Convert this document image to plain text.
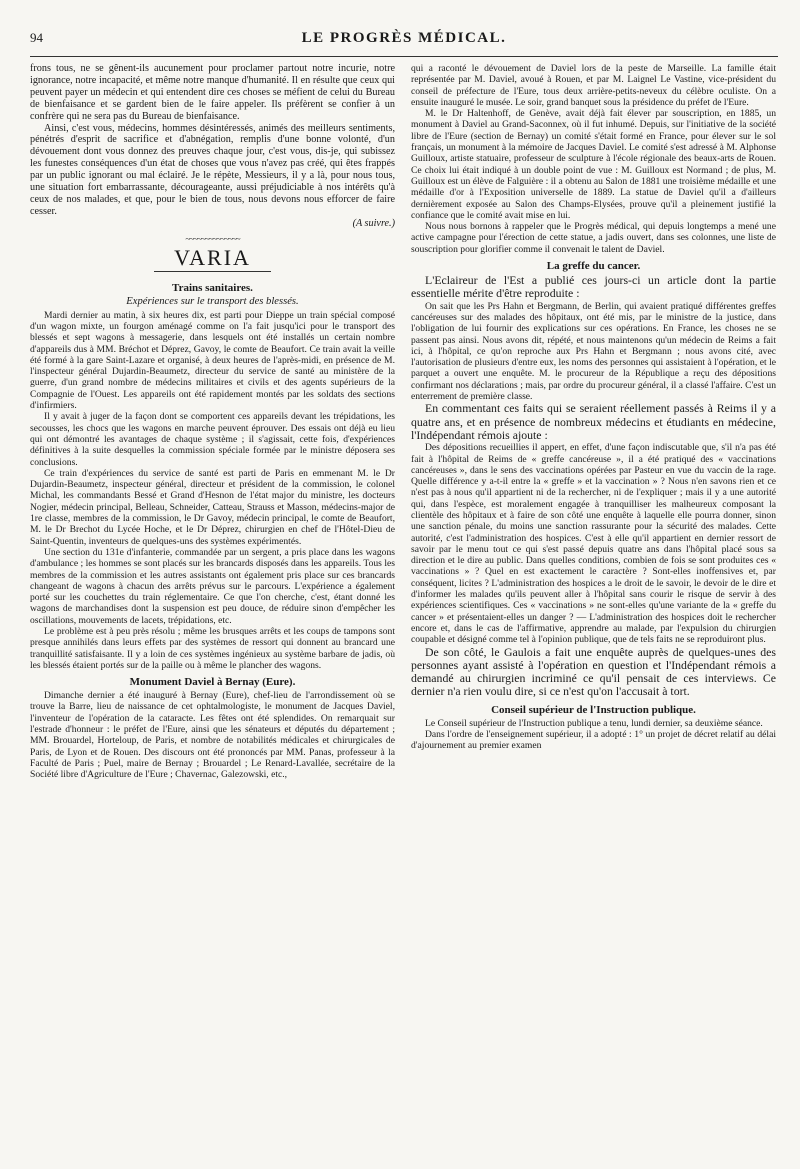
94	LE PROGRÈS MÉDICAL.

frons tous, ne se gênent-ils aucunement pour proclamer partout notre incurie, notre ignorance, notre incapacité, et même notre manque d'humanité. Il en résulte que ceux qui peuvent payer un médecin et qui entendent dire ces choses se méfient de celui du Bureau de bienfaisance et se gardent bien de le faire appeler. Ils préfèrent se confier à un confrère qui ne sera pas du Bureau de bienfaisance.

Ainsi, c'est vous, médecins, hommes désintéressés, animés des meilleurs sentiments, pénétrés d'esprit de sacrifice et d'abnégation, remplis d'une bonne volonté, d'un dévouement dont vous donnez des preuves chaque jour, c'est vous, dis-je, qui subissez les funestes conséquences d'un état de choses que vous n'avez pas créé, qui êtes frappés par un public ignorant ou mal éclairé. Je le répète, Messieurs, il y a là, pour nous tous, une situation fort embarrassante, décourageante, aussi préjudiciable à nos intérêts qu'à ceux de nos malades, et que, pour le bien de tous, nous devons nous efforcer de faire cesser.

(A suivre.)

~~~~~~~~~~~~~~
VARIA
Trains sanitaires.
Expériences sur le transport des blessés.

Mardi dernier au matin, à six heures dix, est parti pour Dieppe un train spécial composé d'un wagon mixte, un fourgon aménagé comme on l'a fait jusqu'ici pour le transport des blessés et sept wagons à messagerie, dans lesquels ont été installés un certain nombre d'appareils dus à MM. Bréchot et Déprez, Gavoy, le comte de Beaufort. Ce train avait la veille été formé à la gare Saint-Lazare et organisé, à deux heures de l'après-midi, en présence de M. l'inspecteur général Dujardin-Beaumetz, directeur du service de santé au ministère de la guerre, d'un grand nombre de médecins militaires et civils et des agents supérieurs de la Compagnie de l'Ouest. Les appareils ont été rapidement montés par les soldats des sections d'infirmiers.

Il y avait à juger de la façon dont se comportent ces appareils devant les trépidations, les secousses, les chocs que les wagons en marche peuvent éprouver. Des essais ont déjà eu lieu qui ont démontré les avantages de chaque système ; il s'agissait, cette fois, d'expériences définitives à la suite desquelles la commission spéciale formée par le ministre déposera ses conclusions.

Ce train d'expériences du service de santé est parti de Paris en emmenant M. le Dr Dujardin-Beaumetz, inspecteur général, directeur et président de la commission, le colonel Michal, les commandants Bessé et Grand d'Hesnon de l'état major du ministre, les docteurs Nogier, médecin principal, Belleau, Schneider, Catteau, Strauss et Masson, médecins-major de 1re classe, membres de la commission, le Dr Gavoy, médecin principal, le comte de Beaufort, M. le Dr Brechot du Lycée Hoche, et le Dr Déprez, chirurgien en chef de l'Hôtel-Dieu de Saint-Quentin, inventeurs de quelques-uns des systèmes expérimentés.

Une section du 131e d'infanterie, commandée par un sergent, a pris place dans les wagons d'ambulance ; les hommes se sont placés sur les brancards disposés dans les appareils. Tous les membres de la commission et les autres assistants ont également pris place sur ces brancards changeant de wagons à chacun des arrêts prévus sur le parcours. L'expérience a également porté sur les couchettes du train réglementaire. Ce que l'on cherche, c'est, étant donné les wagons de marchandises dont la suspension est peu douce, de réduire sinon d'empêcher les oscillations, mouvements de lacets, trépidations, etc.

Le problème est à peu près résolu ; même les brusques arrêts et les coups de tampons sont presque annihilés dans leurs effets par des systèmes de ressort qui donnent au brancard une tranquillité satisfaisante. Il y a loin de ces systèmes ingénieux au système barbare de jadis, où les blessés étaient portés sur de la paille ou à même le plancher des wagons.

Monument Daviel à Bernay (Eure).

Dimanche dernier a été inauguré à Bernay (Eure), chef-lieu de l'arrondissement où se trouve la Barre, lieu de naissance de cet ophtalmologiste, le monument de Jacques Daviel, l'inventeur de l'opération de la cataracte. Les fêtes ont été splendides. On remarquait sur l'estrade d'honneur : le préfet de l'Eure, ainsi que les sénateurs et députés du département ; MM. Brouardel, Horteloup, de Paris, et nombre de notabilités médicales et chirurgicales de Paris, de Lyon et de Rouen. Des discours ont été prononcés par MM. Panas, professeur à la Faculté de Paris ; Puel, maire de Bernay ; Brouardel ; Le Renard-Lavallée, secrétaire de la Société libre d'Agriculture de l'Eure ; Chavernac, Galezowski, etc.,

qui a raconté le dévouement de Daviel lors de la peste de Marseille. La famille était représentée par M. Daviel, avoué à Rouen, et par M. Laignel Le Vastine, vice-président du conseil de préfecture de l'Eure, tous deux arrière-petits-neveux du célèbre oculiste. On a ensuite inauguré le musée. Le soir, grand banquet sous la présidence du préfet de l'Eure.

M. le Dr Haltenhoff, de Genève, avait déjà fait élever par souscription, en 1885, un monument à Daviel au Grand-Saconnex, où il fut inhumé. Depuis, sur l'initiative de la société libre de l'Eure (section de Bernay) un comité s'était formé en France, pour élever sur le sol français, un monument à la mémoire de Jacques Daviel. Le comité s'est adressé à M. Alphonse Guilloux, artiste statuaire, professeur de sculpture à l'école régionale des beaux-arts de Rouen. Ce choix lui était indiqué à un double point de vue : M. Guilloux est Normand ; de plus, M. Guilloux est un élève de Falguière : il a obtenu au Salon de 1881 une troisième médaille et une médaille d'or à l'Exposition universelle de 1889. La statue de Daviel qu'il a d'ailleurs dernièrement exposée au Salon des Champs-Elysées, prouve qu'il a pleinement justifié la confiance que le comité avait mise en lui.

Nous nous bornons à rappeler que le Progrès médical, qui depuis longtemps a mené une active campagne pour l'érection de cette statue, a jadis ouvert, dans ses colonnes, une liste de souscription pour glorifier comme il convenait le talent de Daviel.

La greffe du cancer.

L'Eclaireur de l'Est a publié ces jours-ci un article dont la partie essentielle mérite d'être reproduite :

On sait que les Prs Hahn et Bergmann, de Berlin, qui avaient pratiqué différentes greffes cancéreuses sur des malades des hôpitaux, ont été mis, par le ministre de la justice, dans l'obligation de lui fournir des explications sur ces opérations. En France, les choses ne se passent pas ainsi. Nous avons dit, répété, et nous maintenons qu'un médecin de Reims a fait ici, à l'hôpital, ce qu'on reproche aux Prs Hahn et Bergmann ; nous avons cité, avec l'autorisation de plusieurs d'entre eux, les noms des personnes qui assistaient à l'opération, et le parquet a ouvert une enquête. M. le procureur de la République a reçu des dépositions confirmant nos déclarations ; mais, par ordre du procureur général, il a classé l'affaire. C'est un enterrement de première classe.

En commentant ces faits qui se seraient réellement passés à Reims il y a quatre ans, et en présence de nombreux médecins et étudiants en médecine, l'Indépendant rémois ajoute :

Des dépositions recueillies il appert, en effet, d'une façon indiscutable que, s'il n'a pas été fait à l'hôpital de Reims de « greffe cancéreuse », il a été pratiqué des « vaccinations cancéreuses », dans le sens des vaccinations opérées par Pasteur en vue du vaccin de la rage. Quelle différence y a-t-il entre la « greffe » et la vaccination » ? Nous n'en savons rien et ce n'est pas à nous qu'il appartient ni de la rechercher, ni de l'expliquer ; mais il y a une autorité qui, dans l'espèce, est moralement engagée à tranquilliser les malheureux composant la clientèle des hôpitaux et à faire de son côté une enquête à laquelle elle pourra donner, sinon une sanction pénale, du moins une sanction rassurante pour la sécurité des malades. Cette autorité, c'est l'administration des hospices. C'est à elle qu'il appartient en dernier ressort de savoir par le menu tout ce qui s'est passé depuis quatre ans dans l'hôpital placé sous sa direction et le dire au public. Dans quelles conditions, combien de fois se sont produites ces « vaccinations » ? Quel en est exactement le caractère ? Sont-elles inoffensives et, par conséquent, licites ? L'administration des hospices a le droit de le savoir, le devoir de le dire et d'informer les malades qu'ils peuvent aller à l'hôpital sans courir le risque de servir à des expériences scientifiques. Ces « vaccinations » ne sont-elles qu'une variante de la « greffe du cancer » et présentaient-elles un danger ? — L'administration des hospices doit le rechercher encore et, dans le cas de l'affirmative, apprendre au malade, par l'expulsion du chirurgien coupable et désigné comme tel à l'opinion publique, que de tels faits ne se reproduiront plus.

De son côté, le Gaulois a fait une enquête auprès de quelques-unes des personnes ayant assisté à l'opération en question et l'Indépendant rémois a demandé au chirurgien incriminé ce qu'il pensait de ces interviews. Ce dernier n'a rien voulu dire, si ce n'est qu'on l'accusait à tort.

Conseil supérieur de l'Instruction publique.

Le Conseil supérieur de l'Instruction publique a tenu, lundi dernier, sa deuxième séance.

Dans l'ordre de l'enseignement supérieur, il a adopté : 1° un projet de décret relatif au délai d'ajournement au premier examen
